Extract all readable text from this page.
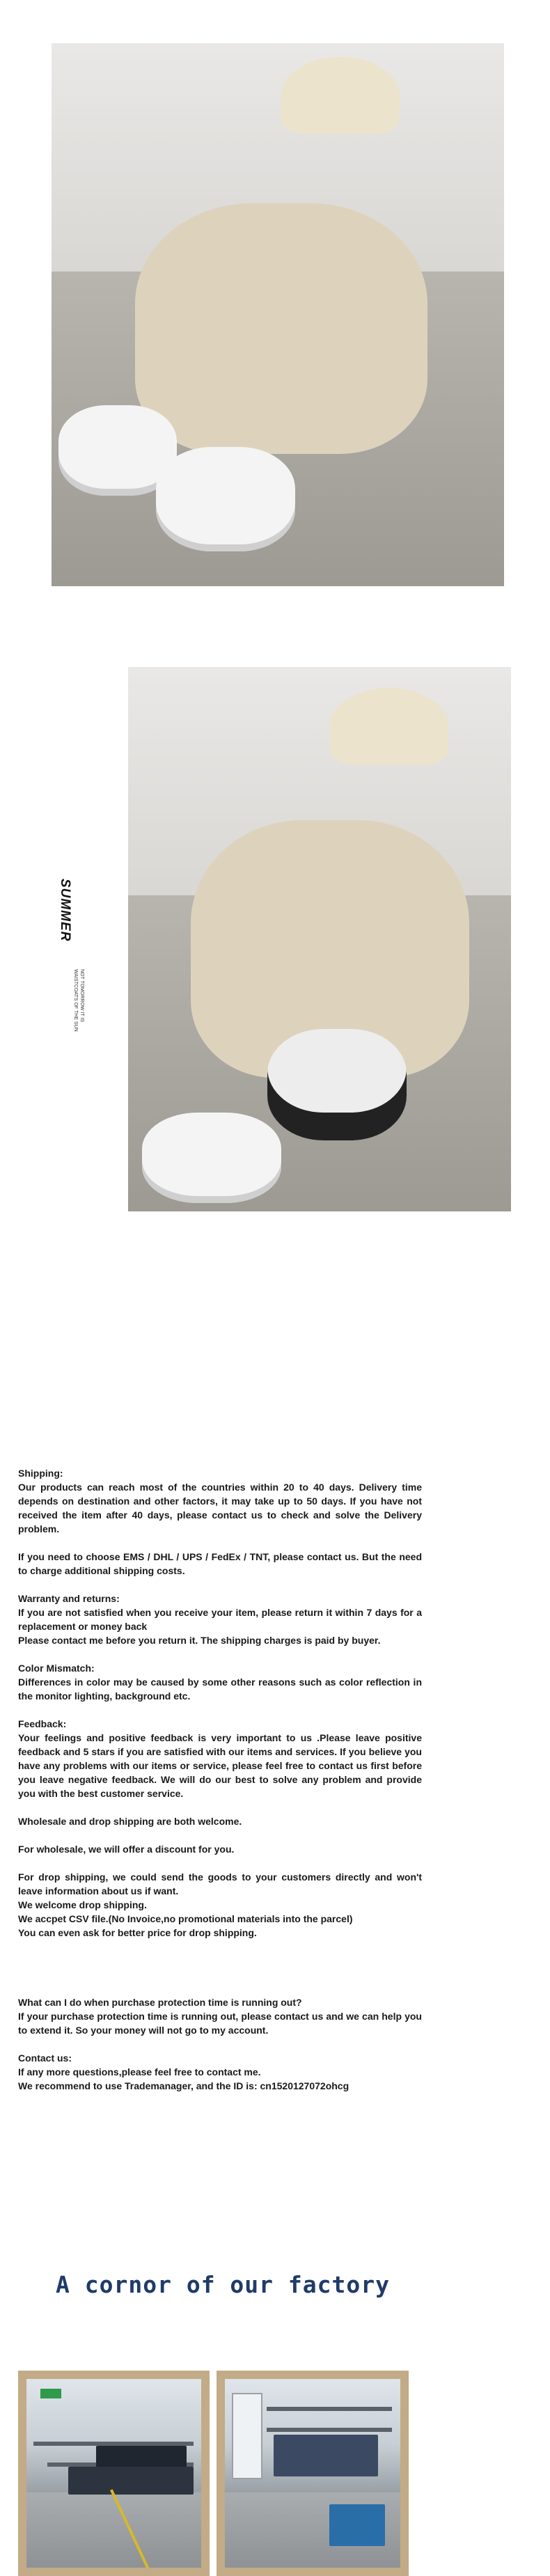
SUMMER
NOT TOMORROW IT IS
WAISTCOATS OF THE SUN

Shipping:

Our products can reach most of the countries within 20 to 40 days. Delivery time depends on destination and other factors, it may take up to 50 days. If you have not received the item after 40 days, please contact us to check and solve the Delivery problem.

If you need to choose EMS / DHL / UPS / FedEx / TNT, please contact us. But the need to charge additional shipping costs.

Warranty and returns:

If you are not satisfied when you receive your item, please return it within 7 days for a replacement or money back

Please contact me before you return it. The shipping charges is paid by buyer.

Color Mismatch:

Differences in color may be caused by some other reasons such as color reflection in the monitor lighting, background etc.

Feedback:

Your feelings and positive feedback is very important to us .Please leave positive feedback and 5 stars if you are satisfied with our items and services. If you believe you have any problems with our items or service, please feel free to contact us first before you leave negative feedback. We will do our best to solve any problem and provide you with the best customer service.

Wholesale and drop shipping are both welcome.

For wholesale, we will offer a discount for you.

For drop shipping, we could send the goods to your customers directly and won't leave information about us if want.

We welcome drop shipping.

We accpet CSV file.(No Invoice,no promotional materials into the parcel)

You can even ask for better price for drop shipping.

What can I do when purchase protection time is running out?

If your purchase protection time is running out, please contact us and we can help you to extend it. So your money will not go to my account.

Contact us:

If any more questions,please feel free to contact me.

We recommend to use Trademanager, and the ID is: cn1520127072ohcg

A cornor of our factory
